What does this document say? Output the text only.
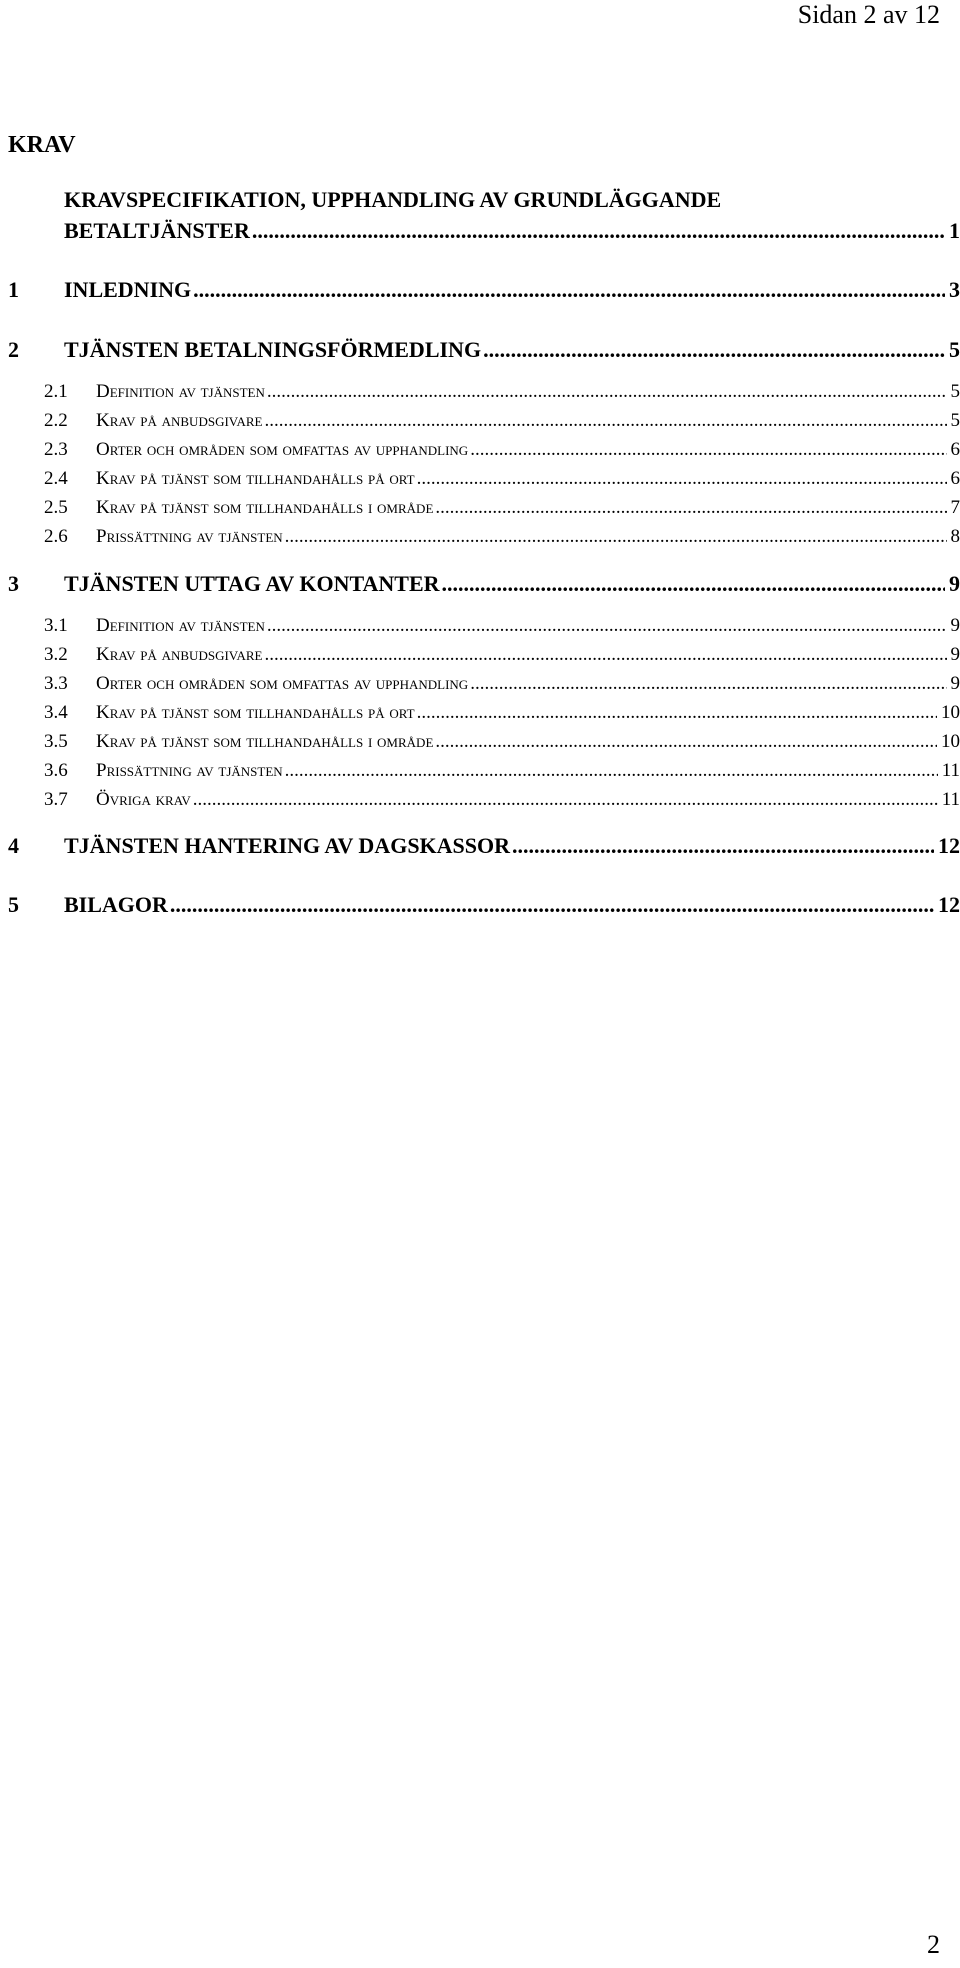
Sidan 2 av 12
KRAV
KRAVSPECIFIKATION, UPPHANDLING AV GRUNDLÄGGANDE
BETALTJÄNSTER .....	1
1	INLEDNING .....	3
2	TJÄNSTEN BETALNINGSFÖRMEDLING .....	5
2.1	Definition av tjänsten .....	5
2.2	Krav på anbudsgivare .....	5
2.3	Orter och områden som omfattas av upphandling .....	6
2.4	Krav på tjänst som tillhandahålls på ort .....	6
2.5	Krav på tjänst som tillhandahålls i område .....	7
2.6	Prissättning av tjänsten .....	8
3	TJÄNSTEN UTTAG AV KONTANTER .....	9
3.1	Definition av tjänsten .....	9
3.2	Krav på anbudsgivare .....	9
3.3	Orter och områden som omfattas av upphandling .....	9
3.4	Krav på tjänst som tillhandahålls på ort .....	10
3.5	Krav på tjänst som tillhandahålls i område .....	10
3.6	Prissättning av tjänsten .....	11
3.7	Övriga krav .....	11
4	TJÄNSTEN HANTERING AV DAGSKASSOR .....	12
5	BILAGOR .....	12
2
